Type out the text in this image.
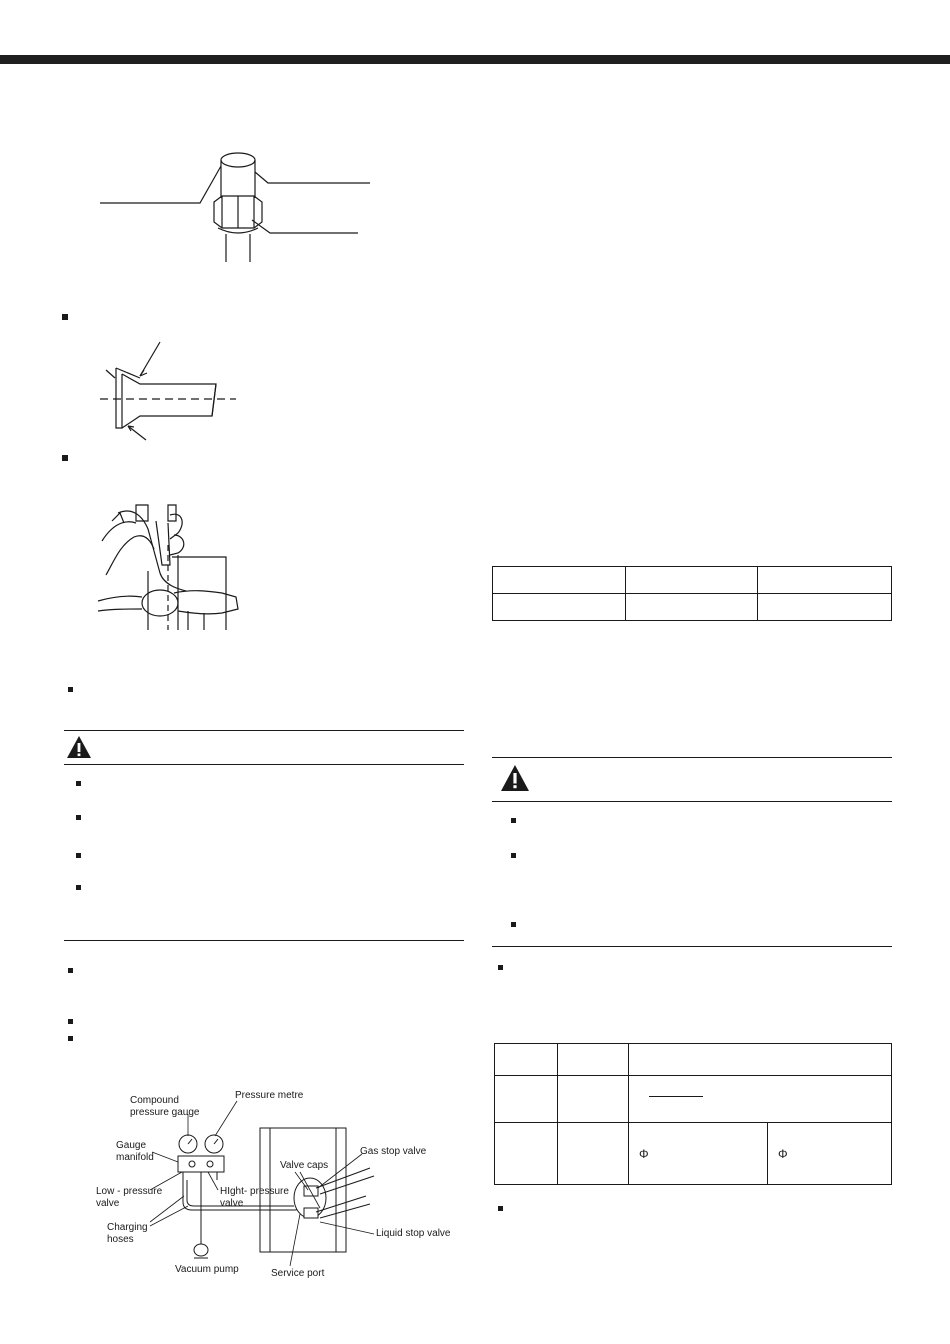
Compound
pressure gauge
Pressure metre
Gauge
manifold
Low - pressure
valve
HIght- pressure
valve
Charging
hoses
Vacuum pump
Valve caps
Gas stop valve
Liquid stop valve
Service port

		Φ	Φ
